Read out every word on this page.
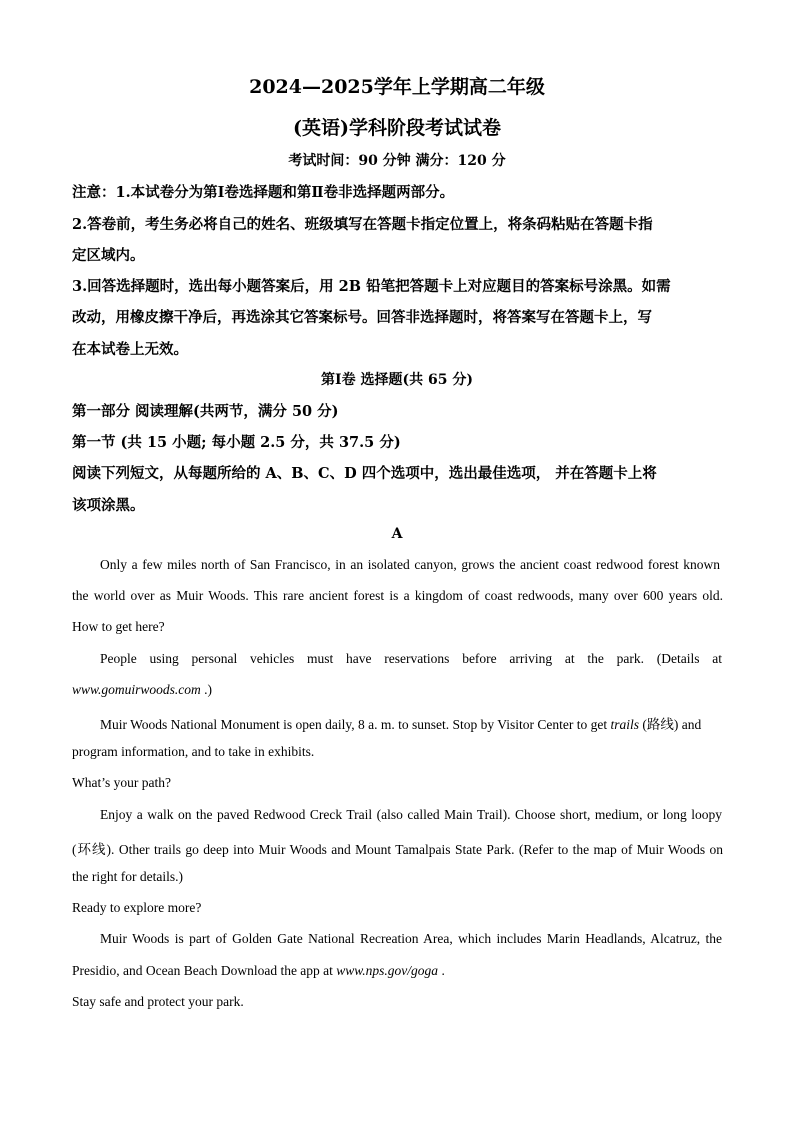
2024—2025学年上学期高二年级
(英语)学科阶段考试试卷
考试时间：90 分钟 满分：120 分
注意：1.本试卷分为第Ⅰ卷选择题和第Ⅱ卷非选择题两部分。
2.答卷前，考生务必将自己的姓名、班级填写在答题卡指定位置上，将条码粘贴在答题卡指
定区域内。
3.回答选择题时，选出每小题答案后，用 2B 铅笔把答题卡上对应题目的答案标号涂黑。如需
改动，用橡皮擦干净后，再选涂其它答案标号。回答非选择题时，将答案写在答题卡上，写
在本试卷上无效。
第Ⅰ卷 选择题(共 65 分)
第一部分 阅读理解(共两节，满分 50 分)
第一节 (共 15 小题; 每小题 2.5 分，共 37.5 分)
阅读下列短文，从每题所给的 A、B、C、D 四个选项中，选出最佳选项， 并在答题卡上将
该项涂黑。
A
Only a few miles north of San Francisco, in an isolated canyon, grows the ancient coast redwood forest known
the world over as Muir Woods. This rare ancient forest is a kingdom of coast redwoods, many over 600 years old.
How to get here?
People using personal vehicles must have reservations before arriving at the park. (Details at
www.gomuirwoods.com .)
Muir Woods National Monument is open daily, 8 a. m. to sunset. Stop by Visitor Center to get trails (路线) and
program information, and to take in exhibits.
What’s your path?
Enjoy a walk on the paved Redwood Creck Trail (also called Main Trail). Choose short, medium, or long loopy
(环线). Other trails go deep into Muir Woods and Mount Tamalpais State Park. (Refer to the map of Muir Woods on
the right for details.)
Ready to explore more?
Muir Woods is part of Golden Gate National Recreation Area, which includes Marin Headlands, Alcatruz, the
Presidio, and Ocean Beach Download the app at www.nps.gov/goga .
Stay safe and protect your park.
